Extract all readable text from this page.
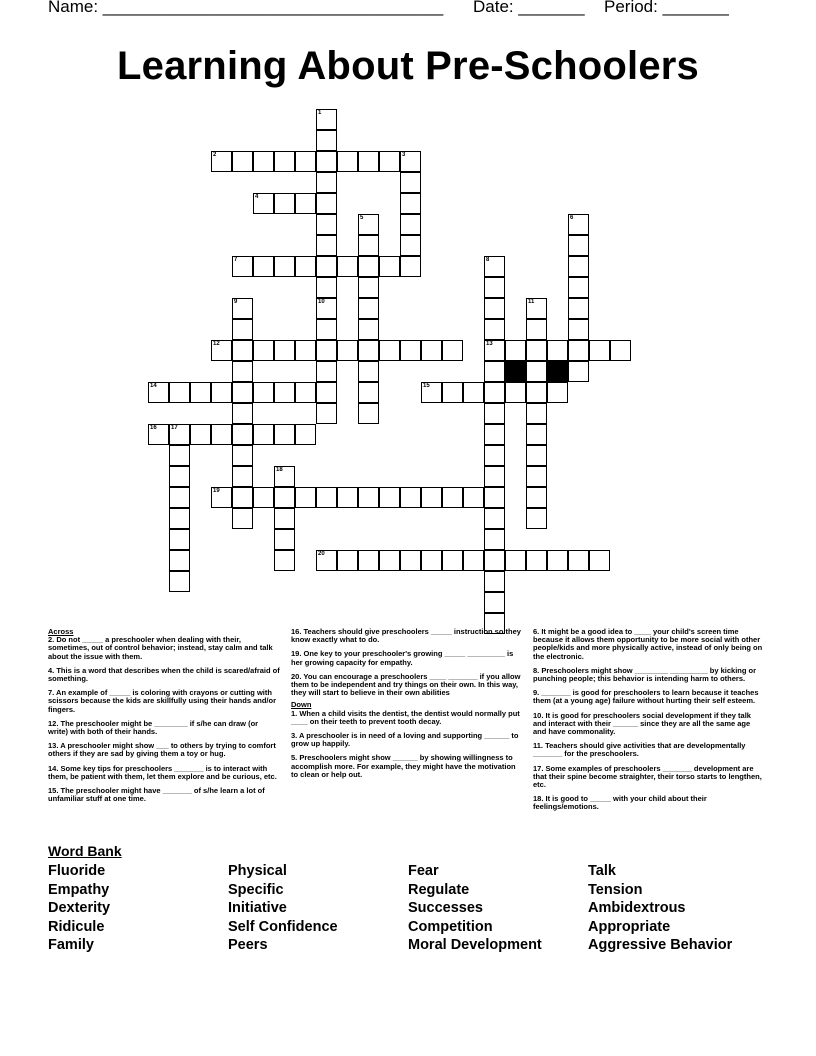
Name: ____________________________________ Date: _______ Period: _______
Learning About Pre-Schoolers
1
10
2	3
4
5	6
7	8
13
9	11
12
14	15
16 17
18
19
20

Across

2. Do not _____ a preschooler when dealing with their, sometimes, out of control behavior; instead, stay calm and talk about the issue with them.

4. This is a word that describes when the child is scared/afraid of something.

7. An example of _____ is coloring with crayons or cutting with scissors because the kids are skillfully using their hands and/or fingers.

12. The preschooler might be ________ if s/he can draw (or write) with both of their hands.

13. A preschooler might show ___ to others by trying to comfort others if they are sad by giving them a toy or hug.

14. Some key tips for preschoolers _______ is to interact with them, be patient with them, let them explore and be curious, etc.

15. The preschooler might have _______ of s/he learn a lot of unfamiliar stuff at one time.

16. Teachers should give preschoolers _____ instruction so they know exactly what to do.

19. One key to your preschooler's growing _____ _________ is her growing capacity for empathy.

20. You can encourage a preschoolers ____ _______ if you allow them to be independent and try things on their own. In this way, they will start to believe in their own abilities

Down

1. When a child visits the dentist, the dentist would normally put ____ on their teeth to prevent tooth decay.

3. A preschooler is in need of a loving and supporting ______ to grow up happily.

5. Preschoolers might show ______ by showing willingness to accomplish more. For example, they might have the motivation to clean or help out.

6. It might be a good idea to ____ your child's screen time because it allows them opportunity to be more social with other people/kids and more physically active, instead of only being on the electronic.

8. Preschoolers might show ________ _________ by kicking or punching people; this behavior is intending harm to others.

9. _______ is good for preschoolers to learn because it teaches them (at a young age) failure without hurting their self esteem.

10. It is good for preschoolers social development if they talk and interact with their ______ since they are all the same age and have commonality.

11. Teachers should give activities that are developmentally _______ for the preschoolers.

17. Some examples of preschoolers _______ development are that their spine become straighter, their torso starts to lengthen, etc.

18. It is good to _____ with your child about their feelings/emotions.

Word Bank
Fluoride
Empathy
Dexterity
Ridicule
Family
Physical
Specific
Initiative
Self Confidence
Peers
Fear
Regulate
Successes
Competition
Moral Development
Talk
Tension
Ambidextrous
Appropriate
Aggressive Behavior
